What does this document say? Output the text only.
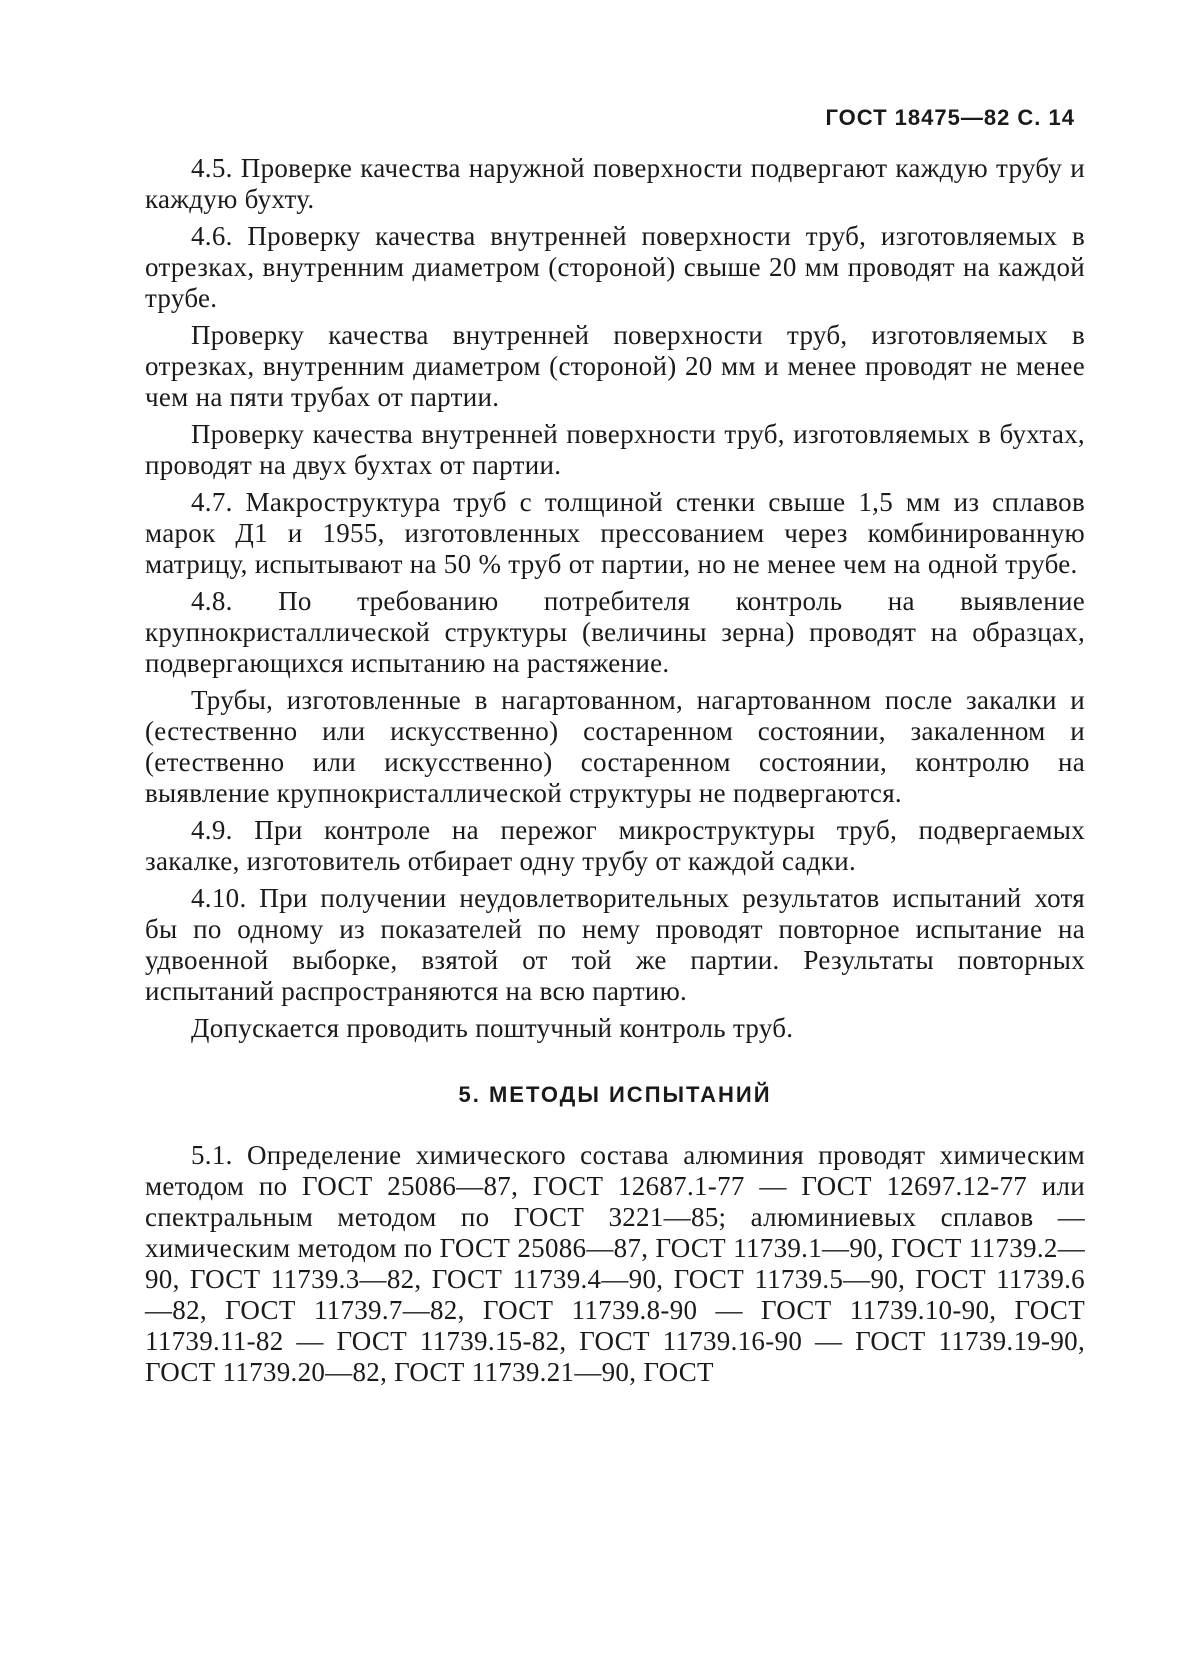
ГОСТ 18475—82 С. 14

4.5. Проверке качества наружной поверхности подвергают каждую трубу и каждую бухту.

4.6. Проверку качества внутренней поверхности труб, изготовляемых в отрезках, внутренним диаметром (стороной) свыше 20 мм проводят на каждой трубе.

Проверку качества внутренней поверхности труб, изготовляемых в отрезках, внутренним диаметром (стороной) 20 мм и менее проводят не менее чем на пяти трубах от партии.

Проверку качества внутренней поверхности труб, изготовляемых в бухтах, проводят на двух бухтах от партии.

4.7. Макроструктура труб с толщиной стенки свыше 1,5 мм из сплавов марок Д1 и 1955, изготовленных прессованием через комбинированную матрицу, испытывают на 50 % труб от партии, но не менее чем на одной трубе.

4.8. По требованию потребителя контроль на выявление крупнокристаллической структуры (величины зерна) проводят на образцах, подвергающихся испытанию на растяжение.

Трубы, изготовленные в нагартованном, нагартованном после закалки и (естественно или искусственно) состаренном состоянии, закаленном и (етественно или искусственно) состаренном состоянии, контролю на выявление крупнокристаллической структуры не подвергаются.

4.9. При контроле на пережог микроструктуры труб, подвергаемых закалке, изготовитель отбирает одну трубу от каждой садки.

4.10. При получении неудовлетворительных результатов испытаний хотя бы по одному из показателей по нему проводят повторное испытание на удвоенной выборке, взятой от той же партии. Результаты повторных испытаний распространяются на всю партию.

Допускается проводить поштучный контроль труб.

5. МЕТОДЫ ИСПЫТАНИЙ

5.1. Определение химического состава алюминия проводят химическим методом по ГОСТ 25086—87, ГОСТ 12687.1-77 — ГОСТ 12697.12-77 или спектральным методом по ГОСТ 3221—85; алюминиевых сплавов — химическим методом по ГОСТ 25086—87, ГОСТ 11739.1—90, ГОСТ 11739.2—90, ГОСТ 11739.3—82, ГОСТ 11739.4—90, ГОСТ 11739.5—90, ГОСТ 11739.6—82, ГОСТ 11739.7—82, ГОСТ 11739.8-90 — ГОСТ 11739.10-90, ГОСТ 11739.11-82 — ГОСТ 11739.15-82, ГОСТ 11739.16-90 — ГОСТ 11739.19-90, ГОСТ 11739.20—82, ГОСТ 11739.21—90, ГОСТ
